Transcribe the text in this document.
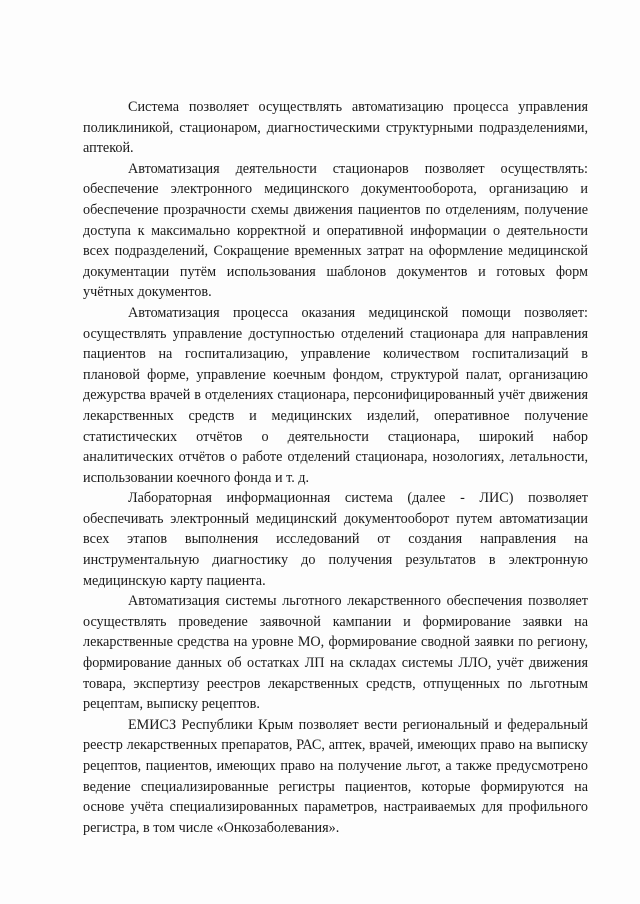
Система позволяет осуществлять автоматизацию процесса управления поликлиникой, стационаром, диагностическими структурными подразделениями, аптекой.

Автоматизация деятельности стационаров позволяет осуществлять: обеспечение электронного медицинского документооборота, организацию и обеспечение прозрачности схемы движения пациентов по отделениям, получение доступа к максимально корректной и оперативной информации о деятельности всех подразделений, Сокращение временных затрат на оформление медицинской документации путём использования шаблонов документов и готовых форм учётных документов.

Автоматизация процесса оказания медицинской помощи позволяет: осуществлять управление доступностью отделений стационара для направления пациентов на госпитализацию, управление количеством госпитализаций в плановой форме, управление коечным фондом, структурой палат, организацию дежурства врачей в отделениях стационара, персонифицированный учёт движения лекарственных средств и медицинских изделий, оперативное получение статистических отчётов о деятельности стационара, широкий набор аналитических отчётов о работе отделений стационара, нозологиях, летальности, использовании коечного фонда и т. д.

Лабораторная информационная система (далее - ЛИС) позволяет обеспечивать электронный медицинский документооборот путем автоматизации всех этапов выполнения исследований от создания направления на инструментальную диагностику до получения результатов в электронную медицинскую карту пациента.

Автоматизация системы льготного лекарственного обеспечения позволяет осуществлять проведение заявочной кампании и формирование заявки на лекарственные средства на уровне МО, формирование сводной заявки по региону, формирование данных об остатках ЛП на складах системы ЛЛО, учёт движения товара, экспертизу реестров лекарственных средств, отпущенных по льготным рецептам, выписку рецептов.

ЕМИСЗ Республики Крым позволяет вести региональный и федеральный реестр лекарственных препаратов, РАС, аптек, врачей, имеющих право на выписку рецептов, пациентов, имеющих право на получение льгот, а также предусмотрено ведение специализированные регистры пациентов, которые формируются на основе учёта специализированных параметров, настраиваемых для профильного регистра, в том числе «Онкозаболевания».
